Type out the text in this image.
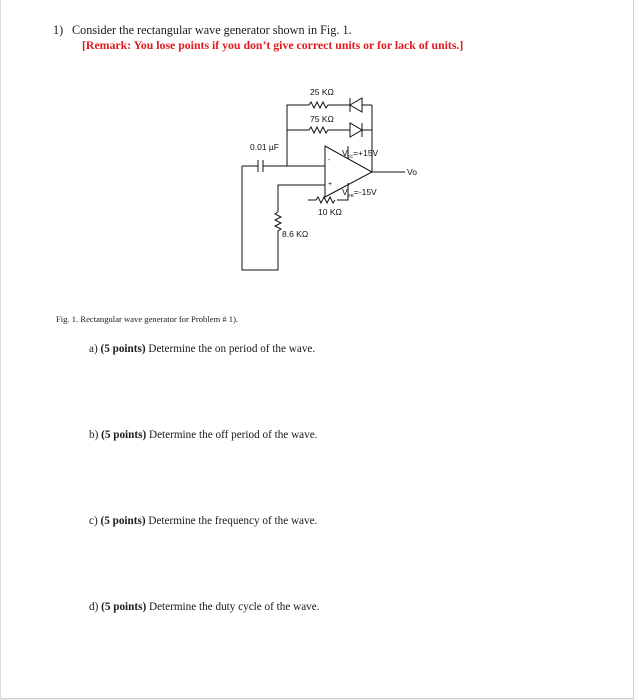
1) Consider the rectangular wave generator shown in Fig. 1.
[Remark: You lose points if you don’t give correct units or for lack of units.]
25 KΩ
75 KΩ
0.01 µF
$V_{cc}=+15V$
$V_{ee}=-15V$
10 KΩ
8.6 KΩ
Vo
-
+
Fig. 1. Rectangular wave generator for Problem # 1).
a) (5 points) Determine the on period of the wave.
b) (5 points) Determine the off period of the wave.
c) (5 points) Determine the frequency of the wave.
d) (5 points) Determine the duty cycle of the wave.
